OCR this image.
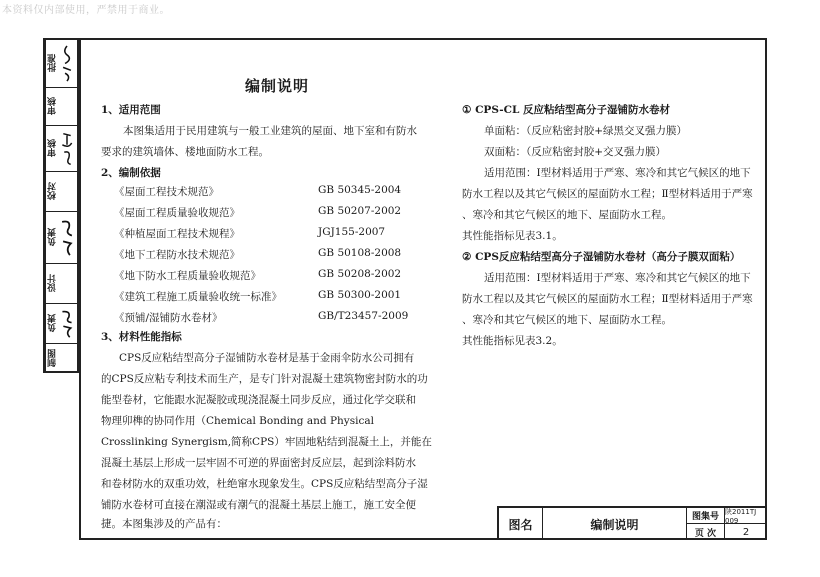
本资料仅内部使用，严禁用于商业。
批准
审核
审核
校对
负责
设计
负责
制图
编制说明
1、适用范围
本图集适用于民用建筑与一般工业建筑的屋面、地下室和有防水
要求的建筑墙体、楼地面防水工程。
2、编制依据
《屋面工程技术规范》	GB 50345-2004
《屋面工程质量验收规范》	GB 50207-2002
《种植屋面工程技术规程》	JGJ155-2007
《地下工程防水技术规范》	GB 50108-2008
《地下防水工程质量验收规范》	GB 50208-2002
《建筑工程施工质量验收统一标准》	GB 50300-2001
《预铺/湿铺防水卷材》	GB/T23457-2009
3、材料性能指标
CPS反应粘结型高分子湿铺防水卷材是基于金雨伞防水公司拥有
的CPS反应粘专利技术而生产，是专门针对混凝土建筑物密封防水的功
能型卷材，它能跟水泥凝胶或现浇混凝土同步反应，通过化学交联和
物理卯榫的协同作用（Chemical Bonding and Physical
Crosslinking Synergism,简称CPS）牢固地粘结到混凝土上，并能在
混凝土基层上形成一层牢固不可逆的界面密封反应层，起到涂料防水
和卷材防水的双重功效，杜绝窜水现象发生。CPS反应粘结型高分子湿
铺防水卷材可直接在潮湿或有潮气的混凝土基层上施工，施工安全便
捷。本图集涉及的产品有：
① CPS-CL 反应粘结型高分子湿铺防水卷材
单面粘：（反应粘密封胶+绿黑交叉强力膜）
双面粘：（反应粘密封胶+交叉强力膜）
适用范围：Ⅰ型材料适用于严寒、寒冷和其它气候区的地下
防水工程以及其它气候区的屋面防水工程；Ⅱ型材料适用于严寒
、寒冷和其它气候区的地下、屋面防水工程。
其性能指标见表3.1。
② CPS反应粘结型高分子湿铺防水卷材（高分子膜双面粘）
适用范围：Ⅰ型材料适用于严寒、寒冷和其它气候区的地下
防水工程以及其它气候区的屋面防水工程；Ⅱ型材料适用于严寒
、寒冷和其它气候区的地下、屋面防水工程。
其性能指标见表3.2。
图名	编制说明
图集号
陕2011TJ 009
页 次	2
